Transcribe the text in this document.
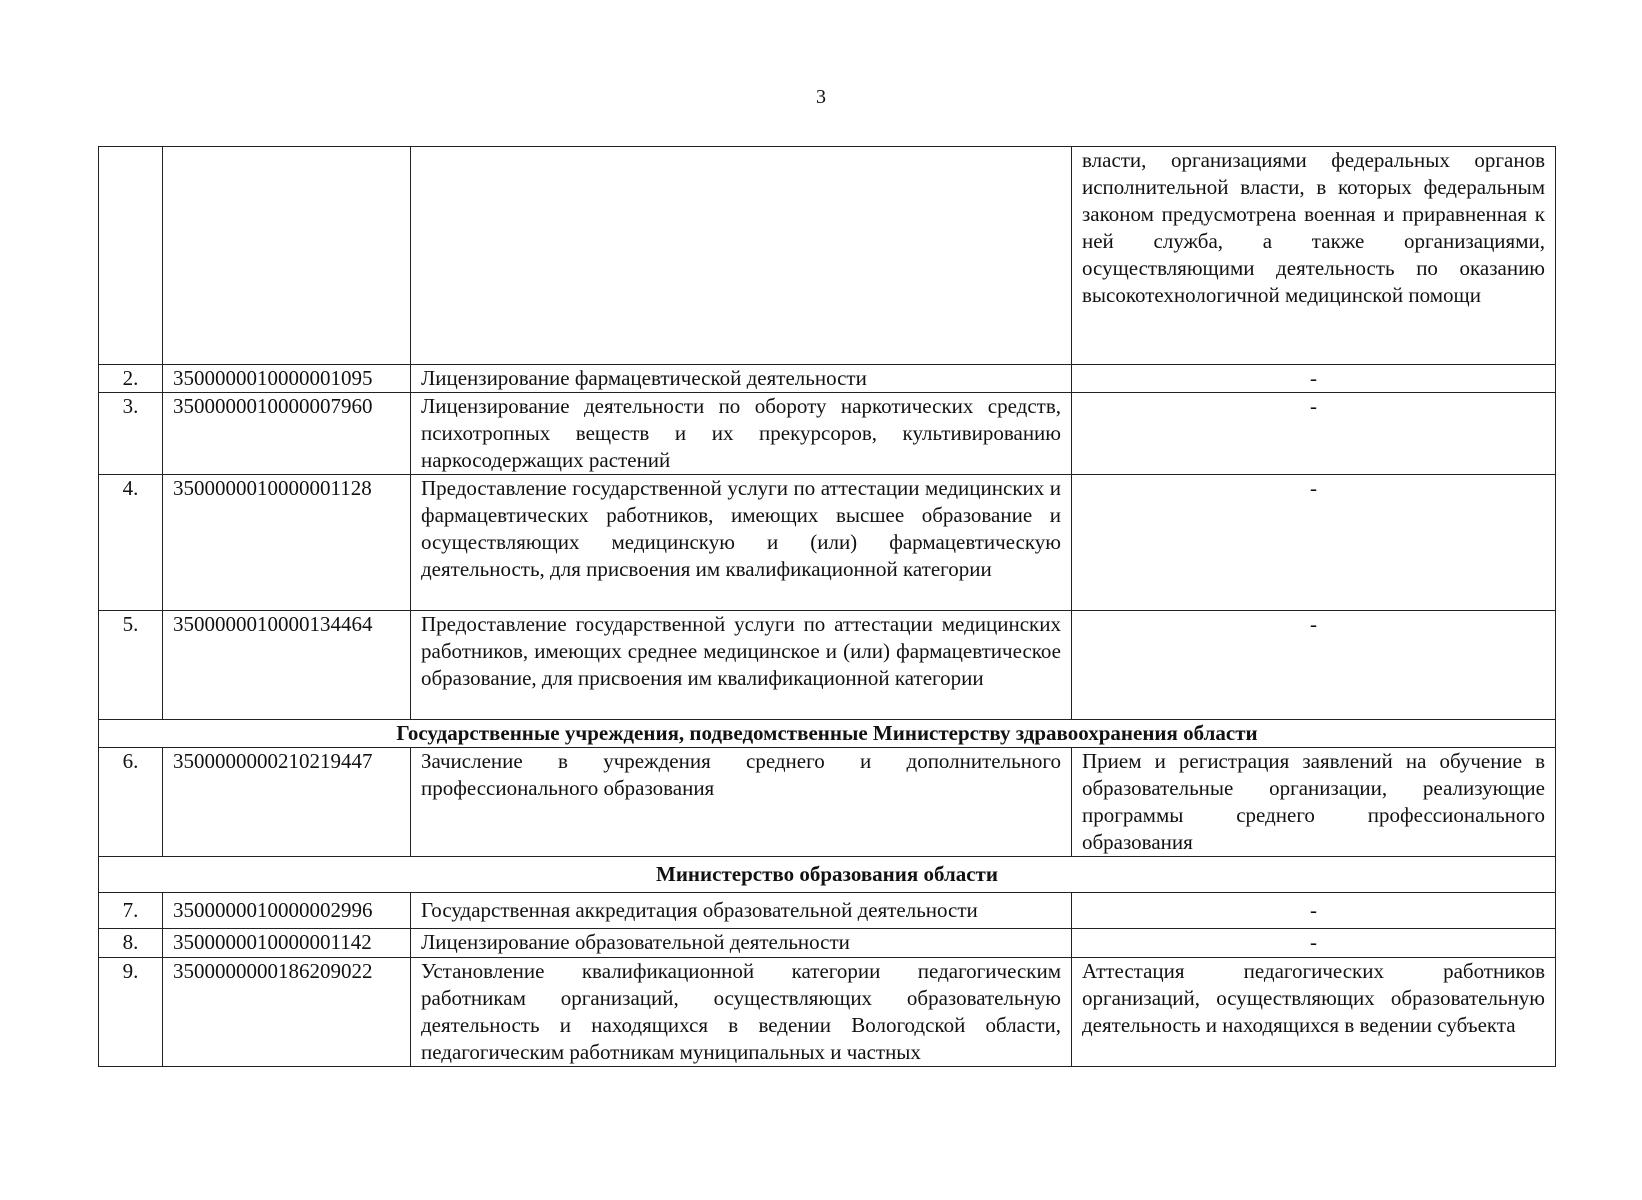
3
			власти, организациями федеральных органов исполнительной власти, в которых федеральным законом предусмотрена военная и приравненная к ней служба, а также организациями, осуществляющими деятельность по оказанию высокотехнологичной медицинской помощи
2.	3500000010000001095	Лицензирование фармацевтической деятельности	-
3.	3500000010000007960	Лицензирование деятельности по обороту наркотических средств, психотропных веществ и их прекурсоров, культивированию наркосодержащих растений	-
4.	3500000010000001128	Предоставление государственной услуги по аттестации медицинских и фармацевтических работников, имеющих высшее образование и осуществляющих медицинскую и (или) фармацевтическую деятельность, для присвоения им квалификационной категории	-
5.	3500000010000134464	Предоставление государственной услуги по аттестации медицинских работников, имеющих среднее медицинское и (или) фармацевтическое образование, для присвоения им квалификационной категории	-
Государственные учреждения, подведомственные Министерству здравоохранения области			
6.	3500000000210219447	Зачисление в учреждения среднего и дополнительного профессионального образования	Прием и регистрация заявлений на обучение в образовательные организации, реализующие программы среднего профессионального образования
Министерство образования области			
7.	3500000010000002996	Государственная аккредитация образовательной деятельности	-
8.	3500000010000001142	Лицензирование образовательной деятельности	-
9.	3500000000186209022	Установление квалификационной категории педагогическим работникам организаций, осуществляющих образовательную деятельность и находящихся в ведении Вологодской области, педагогическим работникам муниципальных и частных	Аттестация педагогических работников организаций, осуществляющих образовательную деятельность и находящихся в ведении субъекта
